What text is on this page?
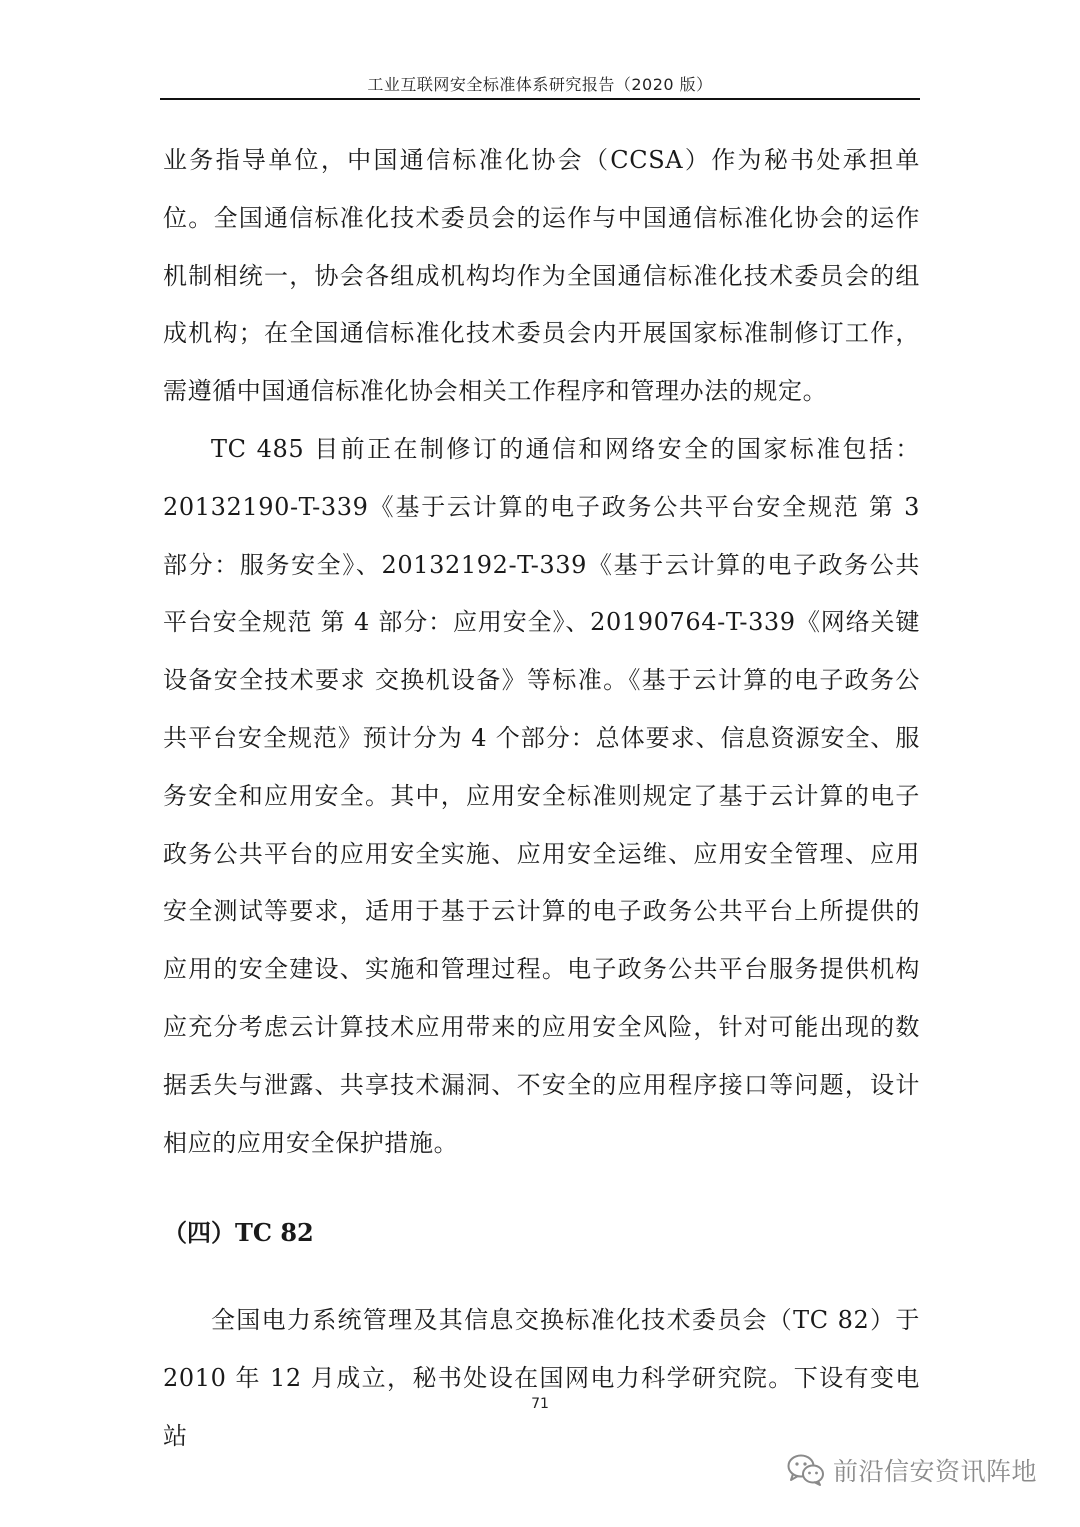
工业互联网安全标准体系研究报告（2020 版）

业务指导单位，中国通信标准化协会（CCSA）作为秘书处承担单位。全国通信标准化技术委员会的运作与中国通信标准化协会的运作机制相统一，协会各组成机构均作为全国通信标准化技术委员会的组成机构；在全国通信标准化技术委员会内开展国家标准制修订工作，需遵循中国通信标准化协会相关工作程序和管理办法的规定。

TC 485 目前正在制修订的通信和网络安全的国家标准包括：20132190-T-339《基于云计算的电子政务公共平台安全规范 第 3 部分：服务安全》、20132192-T-339《基于云计算的电子政务公共平台安全规范 第 4 部分：应用安全》、20190764-T-339《网络关键设备安全技术要求 交换机设备》等标准。《基于云计算的电子政务公共平台安全规范》预计分为 4 个部分：总体要求、信息资源安全、服务安全和应用安全。其中，应用安全标准则规定了基于云计算的电子政务公共平台的应用安全实施、应用安全运维、应用安全管理、应用安全测试等要求，适用于基于云计算的电子政务公共平台上所提供的应用的安全建设、实施和管理过程。电子政务公共平台服务提供机构应充分考虑云计算技术应用带来的应用安全风险，针对可能出现的数据丢失与泄露、共享技术漏洞、不安全的应用程序接口等问题，设计相应的应用安全保护措施。

（四）TC 82

全国电力系统管理及其信息交换标准化技术委员会（TC 82）于 2010 年 12 月成立，秘书处设在国网电力科学研究院。下设有变电站

71
前沿信安资讯阵地
